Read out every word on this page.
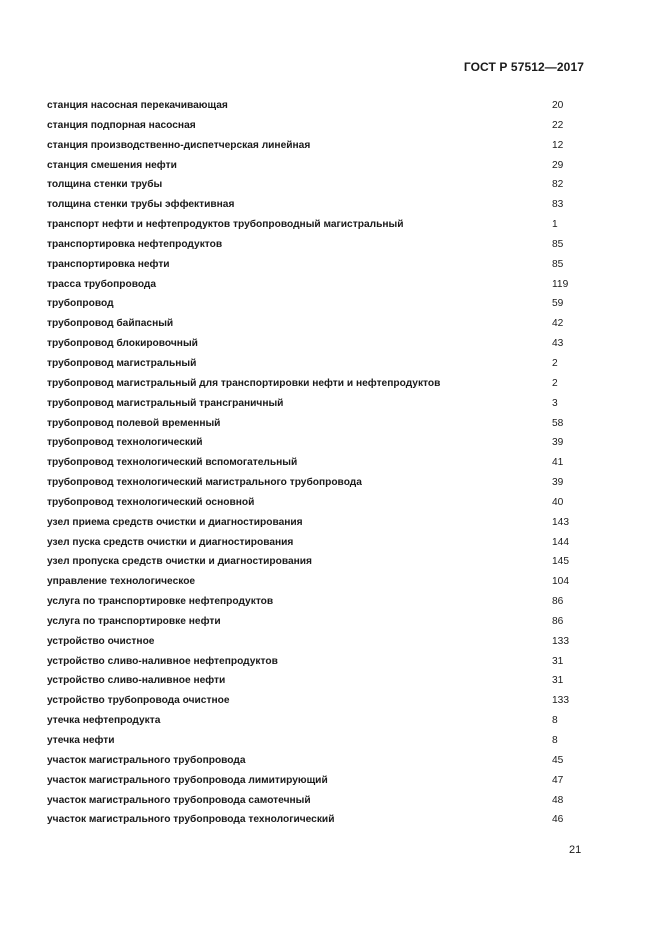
ГОСТ Р 57512—2017
станция насосная перекачивающая	20
станция подпорная насосная	22
станция производственно-диспетчерская линейная	12
станция смешения нефти	29
толщина стенки трубы	82
толщина стенки трубы эффективная	83
транспорт нефти и нефтепродуктов трубопроводный магистральный	1
транспортировка нефтепродуктов	85
транспортировка нефти	85
трасса трубопровода	119
трубопровод	59
трубопровод байпасный	42
трубопровод блокировочный	43
трубопровод магистральный	2
трубопровод магистральный для транспортировки нефти и нефтепродуктов	2
трубопровод магистральный трансграничный	3
трубопровод полевой временный	58
трубопровод технологический	39
трубопровод технологический вспомогательный	41
трубопровод технологический магистрального трубопровода	39
трубопровод технологический основной	40
узел приема средств очистки и диагностирования	143
узел пуска средств очистки и диагностирования	144
узел пропуска средств очистки и диагностирования	145
управление технологическое	104
услуга по транспортировке нефтепродуктов	86
услуга по транспортировке нефти	86
устройство очистное	133
устройство сливо-наливное нефтепродуктов	31
устройство сливо-наливное нефти	31
устройство трубопровода очистное	133
утечка нефтепродукта	8
утечка нефти	8
участок магистрального трубопровода	45
участок магистрального трубопровода лимитирующий	47
участок магистрального трубопровода самотечный	48
участок магистрального трубопровода технологический	46
21
